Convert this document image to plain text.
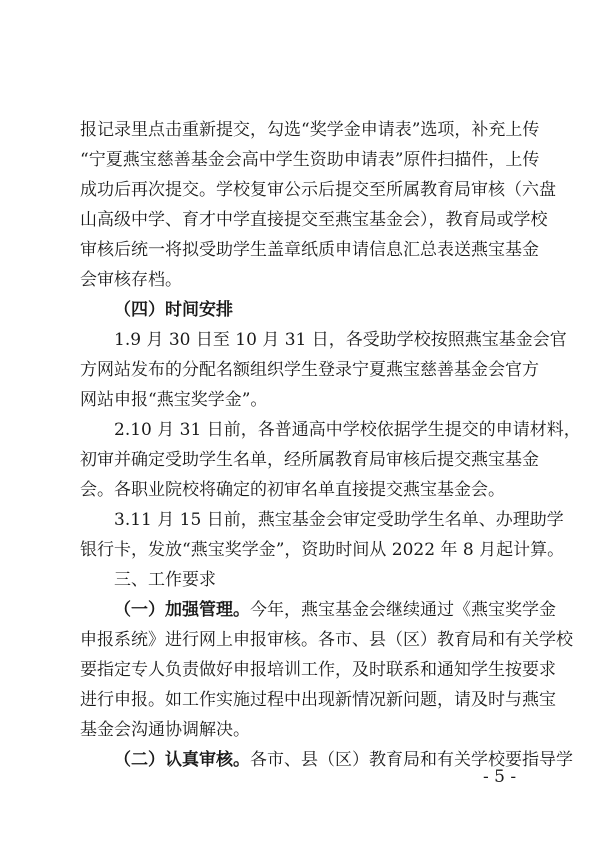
报记录里点击重新提交，勾选“奖学金申请表”选项，补充上传
“宁夏燕宝慈善基金会高中学生资助申请表”原件扫描件，上传
成功后再次提交。学校复审公示后提交至所属教育局审核（六盘
山高级中学、育才中学直接提交至燕宝基金会），教育局或学校
审核后统一将拟受助学生盖章纸质申请信息汇总表送燕宝基金
会审核存档。
（四）时间安排
1.9 月 30 日至 10 月 31 日，各受助学校按照燕宝基金会官
方网站发布的分配名额组织学生登录宁夏燕宝慈善基金会官方
网站申报“燕宝奖学金”。
2.10 月 31 日前，各普通高中学校依据学生提交的申请材料，
初审并确定受助学生名单，经所属教育局审核后提交燕宝基金
会。各职业院校将确定的初审名单直接提交燕宝基金会。
3.11 月 15 日前，燕宝基金会审定受助学生名单、办理助学
银行卡，发放“燕宝奖学金”，资助时间从 2022 年 8 月起计算。
三、工作要求
（一）加强管理。今年，燕宝基金会继续通过《燕宝奖学金
申报系统》进行网上申报审核。各市、县（区）教育局和有关学校
要指定专人负责做好申报培训工作，及时联系和通知学生按要求
进行申报。如工作实施过程中出现新情况新问题，请及时与燕宝
基金会沟通协调解决。
（二）认真审核。各市、县（区）教育局和有关学校要指导学
- 5 -
